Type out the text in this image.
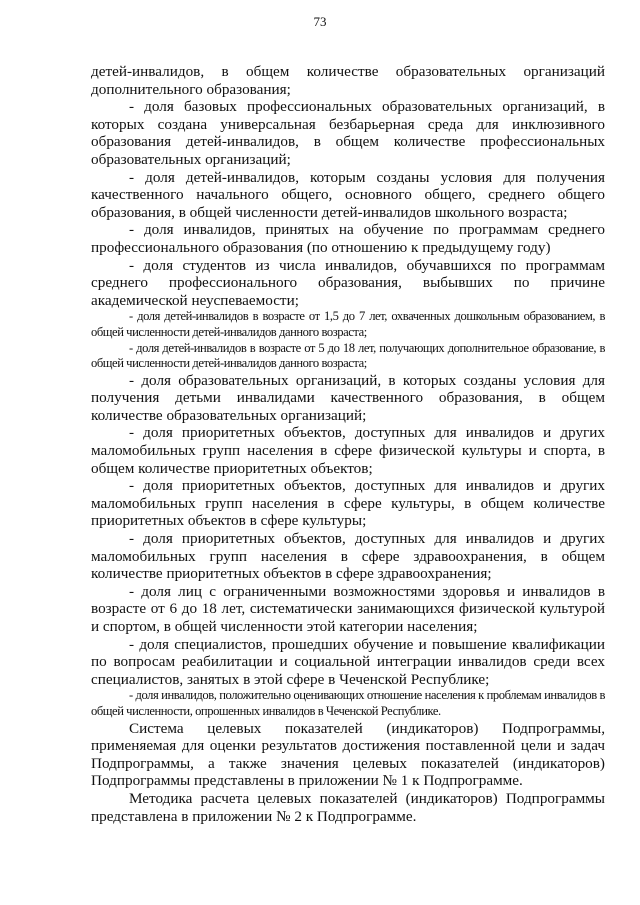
73

детей-инвалидов, в общем количестве образовательных организаций дополнительного образования;

- доля базовых профессиональных образовательных организаций, в которых создана универсальная безбарьерная среда для инклюзивного образования детей-инвалидов, в общем количестве профессиональных образовательных организаций;

- доля детей-инвалидов, которым созданы условия для получения качественного начального общего, основного общего, среднего общего образования, в общей численности детей-инвалидов школьного возраста;

- доля инвалидов, принятых на обучение по программам среднего профессионального образования (по отношению к предыдущему году)

- доля студентов из числа инвалидов, обучавшихся по программам среднего профессионального образования, выбывших по причине академической неуспеваемости;

- доля детей-инвалидов в возрасте от 1,5 до 7 лет, охваченных дошкольным образованием, в общей численности детей-инвалидов данного возраста;

- доля детей-инвалидов в возрасте от 5 до 18 лет, получающих дополнительное образование, в общей численности детей-инвалидов данного возраста;

- доля образовательных организаций, в которых созданы условия для получения детьми инвалидами качественного образования, в общем количестве образовательных организаций;

- доля приоритетных объектов, доступных для инвалидов и других маломобильных групп населения в сфере физической культуры и спорта, в общем количестве приоритетных объектов;

- доля приоритетных объектов, доступных для инвалидов и других маломобильных групп населения в сфере культуры, в общем количестве приоритетных объектов в сфере культуры;

- доля приоритетных объектов, доступных для инвалидов и других маломобильных групп населения в сфере здравоохранения, в общем количестве приоритетных объектов в сфере здравоохранения;

- доля лиц с ограниченными возможностями здоровья и инвалидов в возрасте от 6 до 18 лет, систематически занимающихся физической культурой и спортом, в общей численности этой категории населения;

- доля специалистов, прошедших обучение и повышение квалификации по вопросам реабилитации и социальной интеграции инвалидов среди всех специалистов, занятых в этой сфере в Чеченской Республике;

- доля инвалидов, положительно оценивающих отношение населения к проблемам инвалидов в общей численности, опрошенных инвалидов в Чеченской Республике.

Система целевых показателей (индикаторов) Подпрограммы, применяемая для оценки результатов достижения поставленной цели и задач Подпрограммы, а также значения целевых показателей (индикаторов) Подпрограммы представлены в приложении № 1 к Подпрограмме.

Методика расчета целевых показателей (индикаторов) Подпрограммы представлена в приложении № 2 к Подпрограмме.
